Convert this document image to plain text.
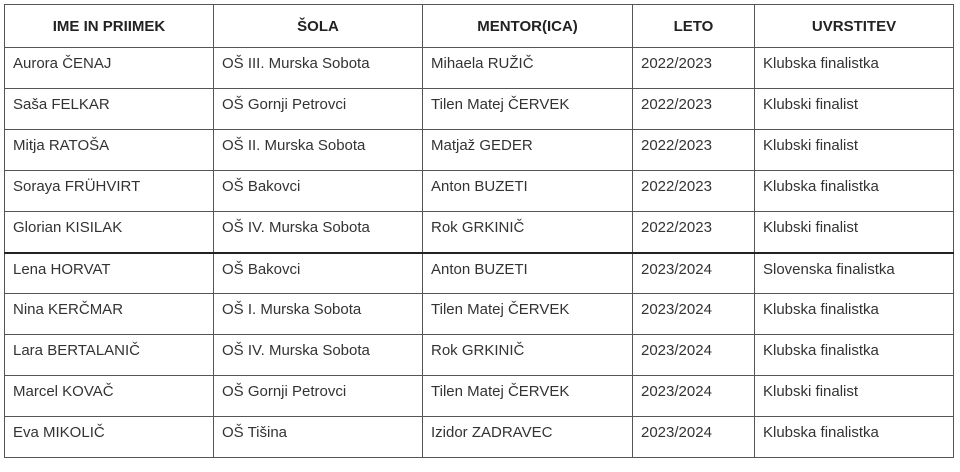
IME IN PRIIMEK	ŠOLA	MENTOR(ICA)	LETO	UVRSTITEV
Aurora ČENAJ	OŠ III. Murska Sobota	Mihaela RUŽIČ	2022/2023	Klubska finalistka
Saša FELKAR	OŠ Gornji Petrovci	Tilen Matej ČERVEK	2022/2023	Klubski finalist
Mitja RATOŠA	OŠ II. Murska Sobota	Matjaž GEDER	2022/2023	Klubski finalist
Soraya FRÜHVIRT	OŠ Bakovci	Anton BUZETI	2022/2023	Klubska finalistka
Glorian KISILAK	OŠ IV. Murska Sobota	Rok GRKINIČ	2022/2023	Klubski finalist
Lena HORVAT	OŠ Bakovci	Anton BUZETI	2023/2024	Slovenska finalistka
Nina KERČMAR	OŠ I. Murska Sobota	Tilen Matej ČERVEK	2023/2024	Klubska finalistka
Lara BERTALANIČ	OŠ IV. Murska Sobota	Rok GRKINIČ	2023/2024	Klubska finalistka
Marcel KOVAČ	OŠ Gornji Petrovci	Tilen Matej ČERVEK	2023/2024	Klubski finalist
Eva MIKOLIČ	OŠ Tišina	Izidor ZADRAVEC	2023/2024	Klubska finalistka
